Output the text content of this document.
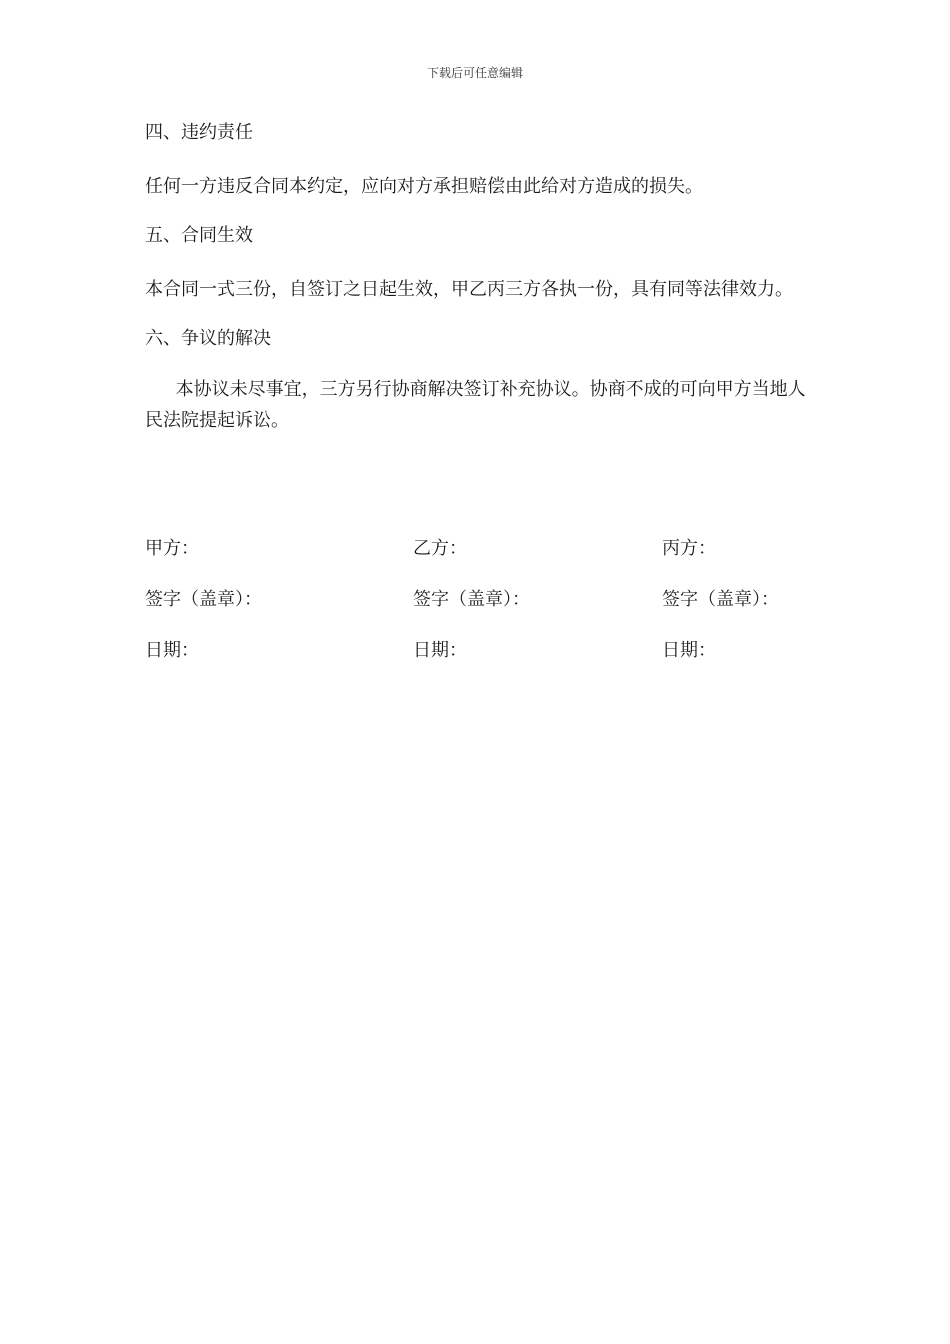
下载后可任意编辑
四、违约责任
任何一方违反合同本约定，应向对方承担赔偿由此给对方造成的损失。
五、合同生效
本合同一式三份，自签订之日起生效，甲乙丙三方各执一份，具有同等法律效力。
六、争议的解决
本协议未尽事宜，三方另行协商解决签订补充协议。协商不成的可向甲方当地人民法院提起诉讼。
甲方：	乙方：	丙方：
签字（盖章）：	签字（盖章）：	签字（盖章）：
日期：	日期：	日期：
